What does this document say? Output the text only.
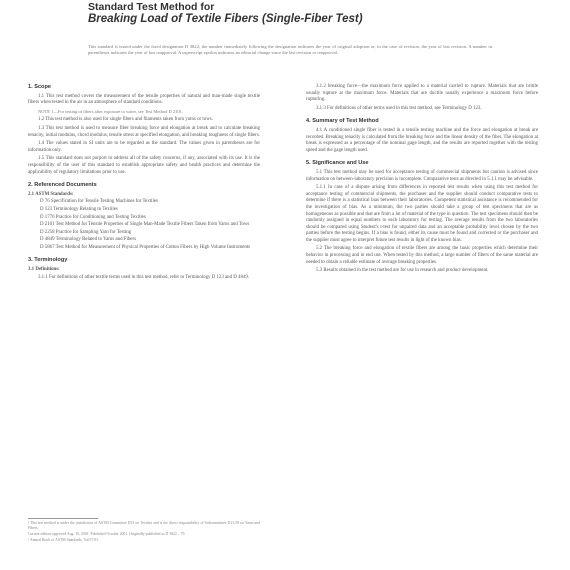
Standard Test Method for
Breaking Load of Textile Fibers (Single-Fiber Test)
This standard is issued under the fixed designation D 3822; the number immediately following the designation indicates the year of original adoption or, in the case of revision, the year of last revision. A number in parentheses indicates the year of last reapproval. A superscript epsilon indicates an editorial change since the last revision or reapproval.
1. Scope
1.1 This test method covers the measurement of the tensile properties of natural and man-made single textile fibers when tested in the air in an atmosphere of standard conditions.
NOTE 1—For testing of fibers after exposure to water, see Test Method D 2101.
1.2 This test method is also used for single fibers and filaments taken from yarns or tows.
1.3 This test method is used to measure fiber breaking force and elongation at break and to calculate breaking tenacity, initial modulus, chord modulus, tensile stress at specified elongation, and breaking toughness of single fibers.
1.4 The values stated in SI units are to be regarded as the standard. The values given in parentheses are for information only.
1.5 This standard does not purport to address all of the safety concerns, if any, associated with its use. It is the responsibility of the user of this standard to establish appropriate safety and health practices and determine the applicability of regulatory limitations prior to use.
2. Referenced Documents
2.1 ASTM Standards:
D 76 Specification for Tensile Testing Machines for Textiles
D 123 Terminology Relating to Textiles
D 1776 Practice for Conditioning and Testing Textiles
D 2101 Test Method for Tensile Properties of Single Man-Made Textile Fibers Taken from Yarns and Tows
D 2258 Practice for Sampling Yarn for Testing
D 4849 Terminology Related to Yarns and Fibers
D 5867 Test Method for Measurement of Physical Properties of Cotton Fibers by High Volume Instruments
3. Terminology
3.1 Definitions:
3.1.1 For definitions of other textile terms used in this test method, refer to Terminology D 123 and D 4849.
3.1.2 breaking force—the maximum force applied to a material carried to rupture. Materials that are brittle usually rupture at the maximum force. Materials that are ductile usually experience a maximum force before rupturing.
3.1.3 For definitions of other terms used in this test method, see Terminology D 123.
4. Summary of Test Method
4.1 A conditioned single fiber is tested in a tensile testing machine and the force and elongation at break are recorded. Breaking tenacity is calculated from the breaking force and the linear density of the fiber. The elongation at break is expressed as a percentage of the nominal gage length, and the results are reported together with the testing speed and the gage length used.
5. Significance and Use
5.1 This test method may be used for acceptance testing of commercial shipments but caution is advised since information on between-laboratory precision is incomplete. Comparative tests as directed in 5.1.1 may be advisable.
5.1.1 In case of a dispute arising from differences in reported test results when using this test method for acceptance testing of commercial shipments, the purchaser and the supplier should conduct comparative tests to determine if there is a statistical bias between their laboratories. Competent statistical assistance is recommended for the investigation of bias. As a minimum, the two parties should take a group of test specimens that are as homogeneous as possible and that are from a lot of material of the type in question. The test specimens should then be randomly assigned in equal numbers to each laboratory for testing. The average results from the two laboratories should be compared using Student's t-test for unpaired data and an acceptable probability level chosen by the two parties before the testing begins. If a bias is found, either its cause must be found and corrected or the purchaser and the supplier must agree to interpret future test results in light of the known bias.
5.2 The breaking force and elongation of textile fibers are among the basic properties which determine their behavior in processing and in end use. When tested by this method, a large number of fibers of the same material are needed to obtain a reliable estimate of average breaking properties.
5.3 Results obtained in the test method are for use in research and product development.

¹ This test method is under the jurisdiction of ASTM Committee D13 on Textiles and is the direct responsibility of Subcommittee D13.58 on Yarns and Fibers.

Current edition approved Aug. 10, 2001. Published October 2001. Originally published as D 3822 – 79.

² Annual Book of ASTM Standards, Vol 07.01.
